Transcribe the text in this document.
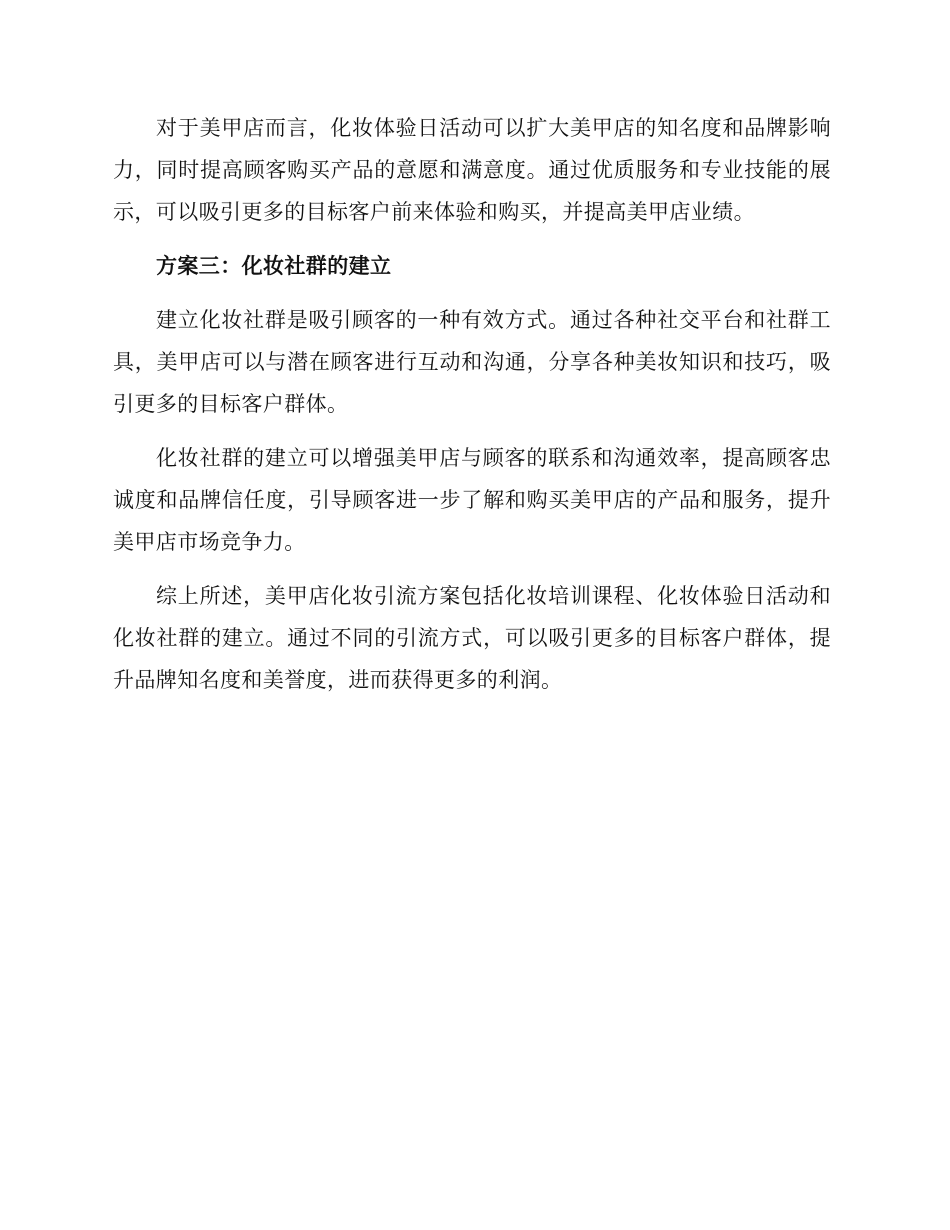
对于美甲店而言，化妆体验日活动可以扩大美甲店的知名度和品牌影响力，同时提高顾客购买产品的意愿和满意度。通过优质服务和专业技能的展示，可以吸引更多的目标客户前来体验和购买，并提高美甲店业绩。

方案三：化妆社群的建立

建立化妆社群是吸引顾客的一种有效方式。通过各种社交平台和社群工具，美甲店可以与潜在顾客进行互动和沟通，分享各种美妆知识和技巧，吸引更多的目标客户群体。

化妆社群的建立可以增强美甲店与顾客的联系和沟通效率，提高顾客忠诚度和品牌信任度，引导顾客进一步了解和购买美甲店的产品和服务，提升美甲店市场竞争力。

综上所述，美甲店化妆引流方案包括化妆培训课程、化妆体验日活动和化妆社群的建立。通过不同的引流方式，可以吸引更多的目标客户群体，提升品牌知名度和美誉度，进而获得更多的利润。
